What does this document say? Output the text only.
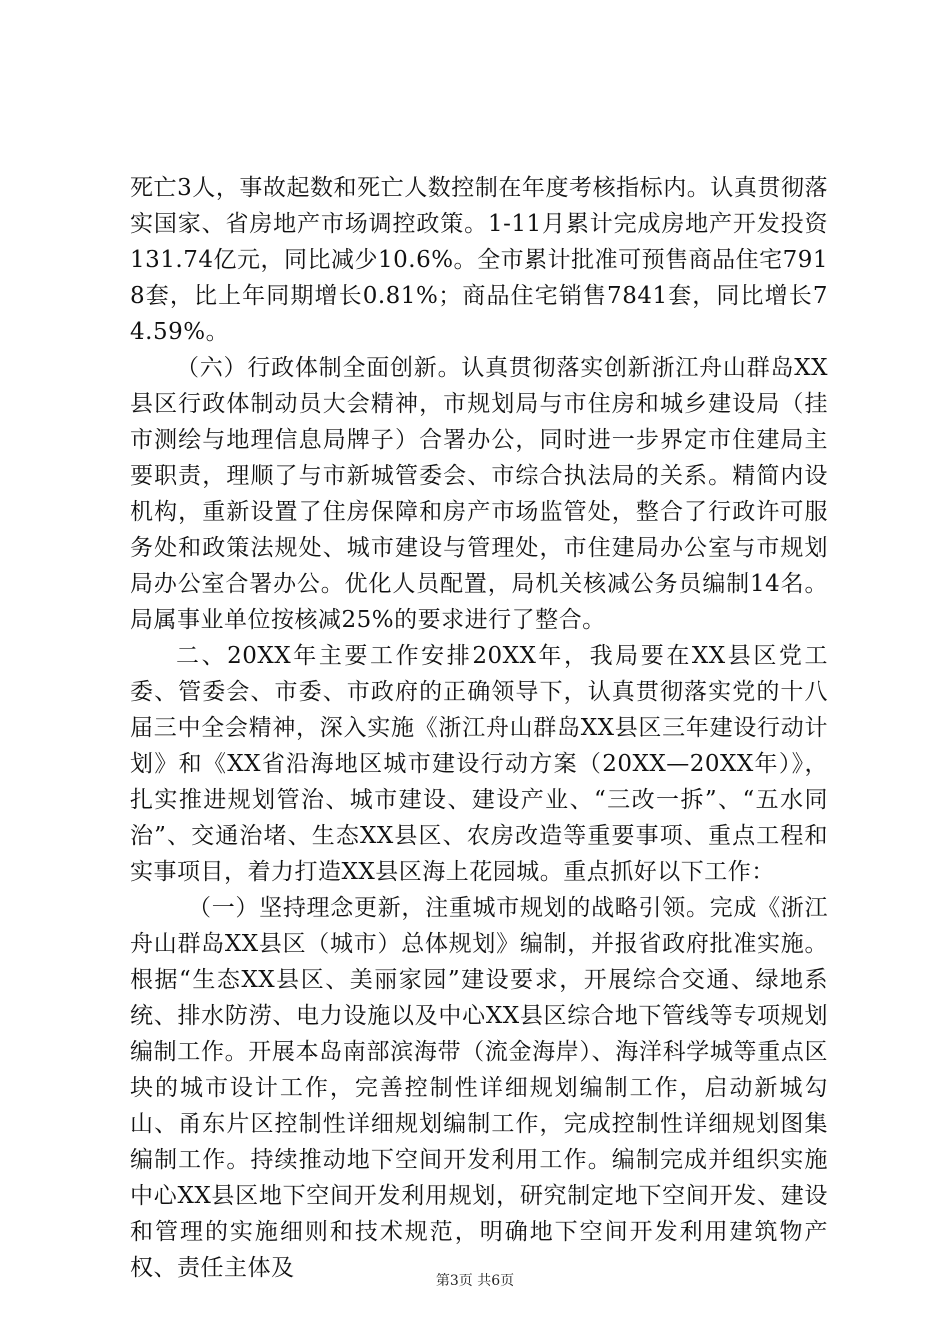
死亡3人，事故起数和死亡人数控制在年度考核指标内。认真贯彻落实国家、省房地产市场调控政策。1-11月累计完成房地产开发投资131.74亿元，同比减少10.6%。全市累计批准可预售商品住宅7918套，比上年同期增长0.81%；商品住宅销售7841套，同比增长74.59%。

（六）行政体制全面创新。认真贯彻落实创新浙江舟山群岛XX县区行政体制动员大会精神，市规划局与市住房和城乡建设局（挂市测绘与地理信息局牌子）合署办公，同时进一步界定市住建局主要职责，理顺了与市新城管委会、市综合执法局的关系。精简内设机构，重新设置了住房保障和房产市场监管处，整合了行政许可服务处和政策法规处、城市建设与管理处，市住建局办公室与市规划局办公室合署办公。优化人员配置，局机关核减公务员编制14名。局属事业单位按核减25%的要求进行了整合。

二、20XX年主要工作安排20XX年，我局要在XX县区党工委、管委会、市委、市政府的正确领导下，认真贯彻落实党的十八届三中全会精神，深入实施《浙江舟山群岛XX县区三年建设行动计划》和《XX省沿海地区城市建设行动方案（20XX—20XX年）》，扎实推进规划管治、城市建设、建设产业、“三改一拆”、“五水同治”、交通治堵、生态XX县区、农房改造等重要事项、重点工程和实事项目，着力打造XX县区海上花园城。重点抓好以下工作：

（一）坚持理念更新，注重城市规划的战略引领。完成《浙江舟山群岛XX县区（城市）总体规划》编制，并报省政府批准实施。根据“生态XX县区、美丽家园”建设要求，开展综合交通、绿地系统、排水防涝、电力设施以及中心XX县区综合地下管线等专项规划编制工作。开展本岛南部滨海带（流金海岸）、海洋科学城等重点区块的城市设计工作，完善控制性详细规划编制工作，启动新城勾山、甬东片区控制性详细规划编制工作，完成控制性详细规划图集编制工作。持续推动地下空间开发利用工作。编制完成并组织实施中心XX县区地下空间开发利用规划，研究制定地下空间开发、建设和管理的实施细则和技术规范，明确地下空间开发利用建筑物产权、责任主体及	第3页 共6页
